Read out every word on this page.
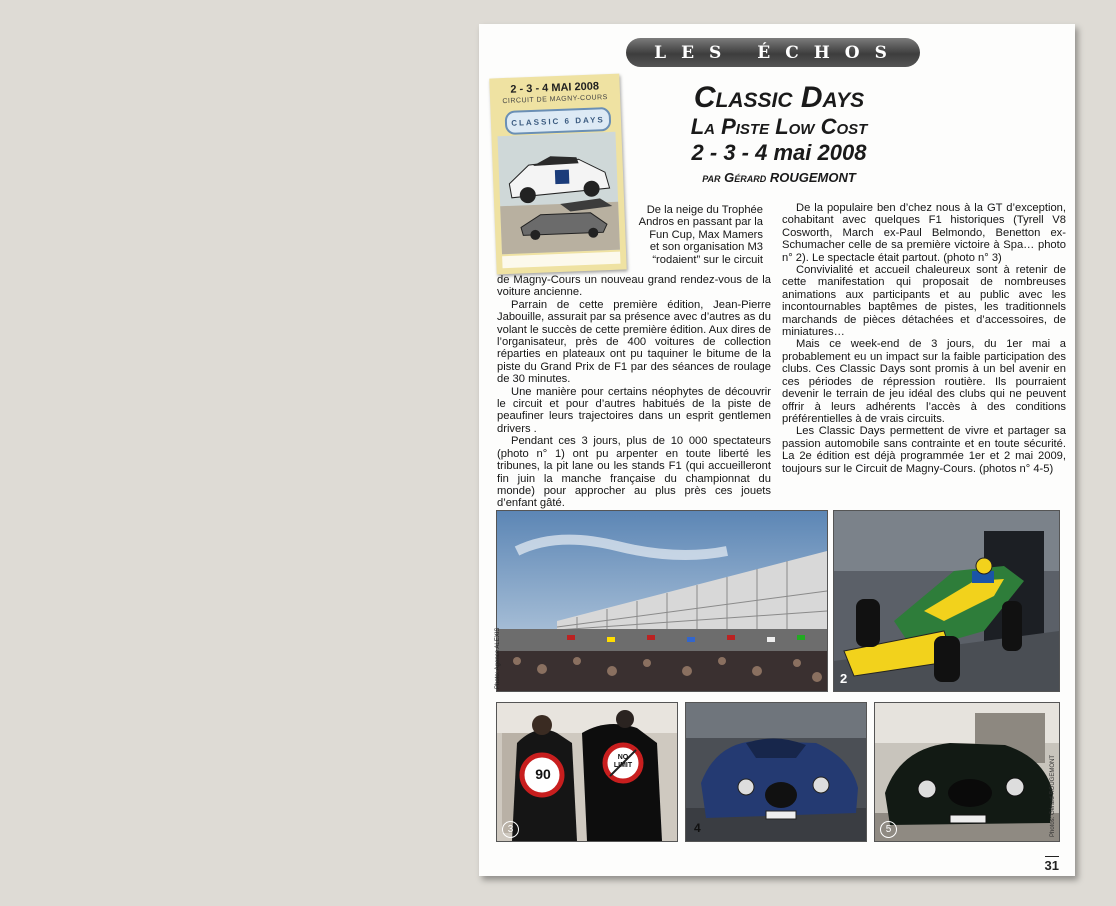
LES ÉCHOS
2 - 3 - 4 MAI 2008
CIRCUIT DE MAGNY-COURS
CLASSIC 6 DAYS
Classic Days
La Piste Low Cost
2 - 3 - 4 mai 2008
par Gérard ROUGEMONT
De la neige du Trophée Andros en passant par la Fun Cup, Max Mamers et son organisation M3 “rodaient” sur le circuit

de Magny-Cours un nouveau grand rendez-vous de la voiture ancienne.

Parrain de cette première édition, Jean-Pierre Jabouille, assurait par sa présence avec d’autres as du volant le succès de cette première édition. Aux dires de l’organisateur, près de 400 voitures de collection réparties en plateaux ont pu taquiner le bitume de la piste du Grand Prix de F1 par des séances de roulage de 30 minutes.

Une manière pour certains néophytes de découvrir le circuit et pour d’autres habitués de la piste de peaufiner leurs trajectoires dans un esprit gentlemen drivers .

Pendant ces 3 jours, plus de 10 000 spectateurs (photo n° 1) ont pu arpenter en toute liberté les tribunes, la pit lane ou les stands F1 (qui accueilleront fin juin la manche française du championnat du monde) pour approcher au plus près ces jouets d’enfant gâté.

De la populaire ben d’chez nous à la GT d’exception, cohabitant avec quelques F1 historiques (Tyrell V8 Cosworth, March ex-Paul Belmondo, Benetton ex-Schumacher celle de sa première victoire à Spa… photo n° 2). Le spectacle était partout. (photo n° 3)

Convivialité et accueil chaleureux sont à retenir de cette manifestation qui proposait de nombreuses animations aux participants et au public avec les incontournables baptêmes de pistes, les traditionnels marchands de pièces détachées et d’accessoires, de miniatures…

Mais ce week-end de 3 jours, du 1er mai a probablement eu un impact sur la faible participation des clubs. Ces Classic Days sont promis à un bel avenir en ces périodes de répression routière. Ils pourraient devenir le terrain de jeu idéal des clubs qui ne peuvent offrir à leurs adhérents l’accès à des conditions préférentielles à de vrais circuits.

Les Classic Days permettent de vivre et partager sa passion automobile sans contrainte et en toute sécurité. La 2e édition est déjà programmée 1er et 2 mai 2009, toujours sur le Circuit de Magny-Cours. (photos n° 4-5)

Photo: Agence ALEXIS	2
90
NO
LIMIT
3	4	5	Photos: Gérard ROUGEMONT
31
